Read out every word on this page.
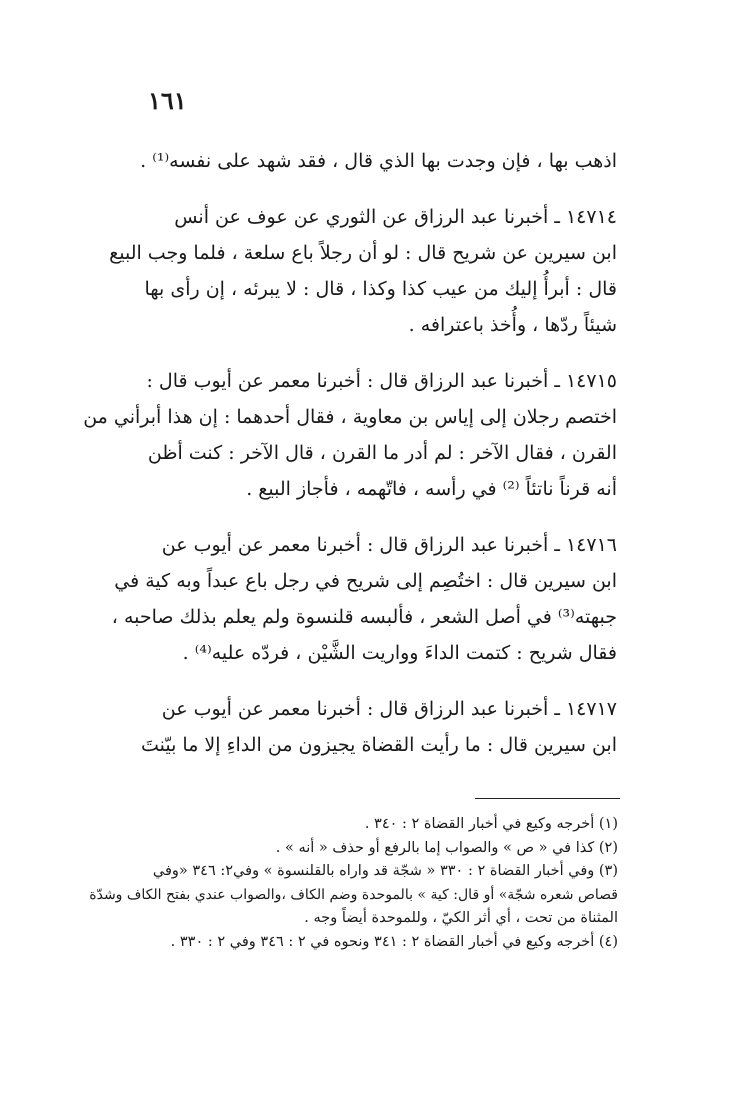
١٦١
اذهب بها ، فإن وجدت بها الذي قال ، فقد شهد على نفسه⁽¹⁾ .
١٤٧١٤ ـ أخبرنا عبد الرزاق عن الثوري عن عوف عن أنس
ابن سيرين عن شريح قال : لو أن رجلاً باع سلعة ، فلما وجب البيع
قال : أبرأُ إليك من عيب كذا وكذا ، قال : لا يبرئه ، إن رأى بها
شيئاً ردّها ، وأُخذ باعترافه .
١٤٧١٥ ـ أخبرنا عبد الرزاق قال : أخبرنا معمر عن أيوب قال :
اختصم رجلان إلى إياس بن معاوية ، فقال أحدهما : إن هذا أبرأني من
القرن ، فقال الآخر : لم أدر ما القرن ، قال الآخر : كنت أظن
أنه قرناً ناتئاً ⁽²⁾ في رأسه ، فاتّهمه ، فأجاز البيع .
١٤٧١٦ ـ أخبرنا عبد الرزاق قال : أخبرنا معمر عن أيوب عن
ابن سيرين قال : اختُصِم إلى شريح في رجل باع عبداً وبه كية في
جبهته⁽³⁾ في أصل الشعر ، فألبسه قلنسوة ولم يعلم بذلك صاحبه ،
فقال شريح : كتمت الداءَ وواريت الشَّيْن ، فردّه عليه⁽⁴⁾ .
١٤٧١٧ ـ أخبرنا عبد الرزاق قال : أخبرنا معمر عن أيوب عن
ابن سيرين قال : ما رأيت القضاة يجيزون من الداءِ إلا ما بيّنتَ
(١) أخرجه وكيع في أخبار القضاة ٢ : ٣٤٠ .
(٢) كذا في « ص » والصواب إما بالرفع أو حذف « أنه » .
(٣) وفي أخبار القضاة ٢ : ٣٣٠ « شجّة قد واراه بالقلنسوة » وفي٢: ٣٤٦ «وفي
قصاص شعره شجّة» أو قال: كية » بالموحدة وضم الكاف ،والصواب عندي بفتح الكاف وشدّة
المثناة من تحت ، أي أثر الكيّ ، وللموحدة أيضاً وجه .
(٤) أخرجه وكيع في أخبار القضاة ٢ : ٣٤١ ونحوه في ٢ : ٣٤٦ وفي ٢ : ٣٣٠ .
